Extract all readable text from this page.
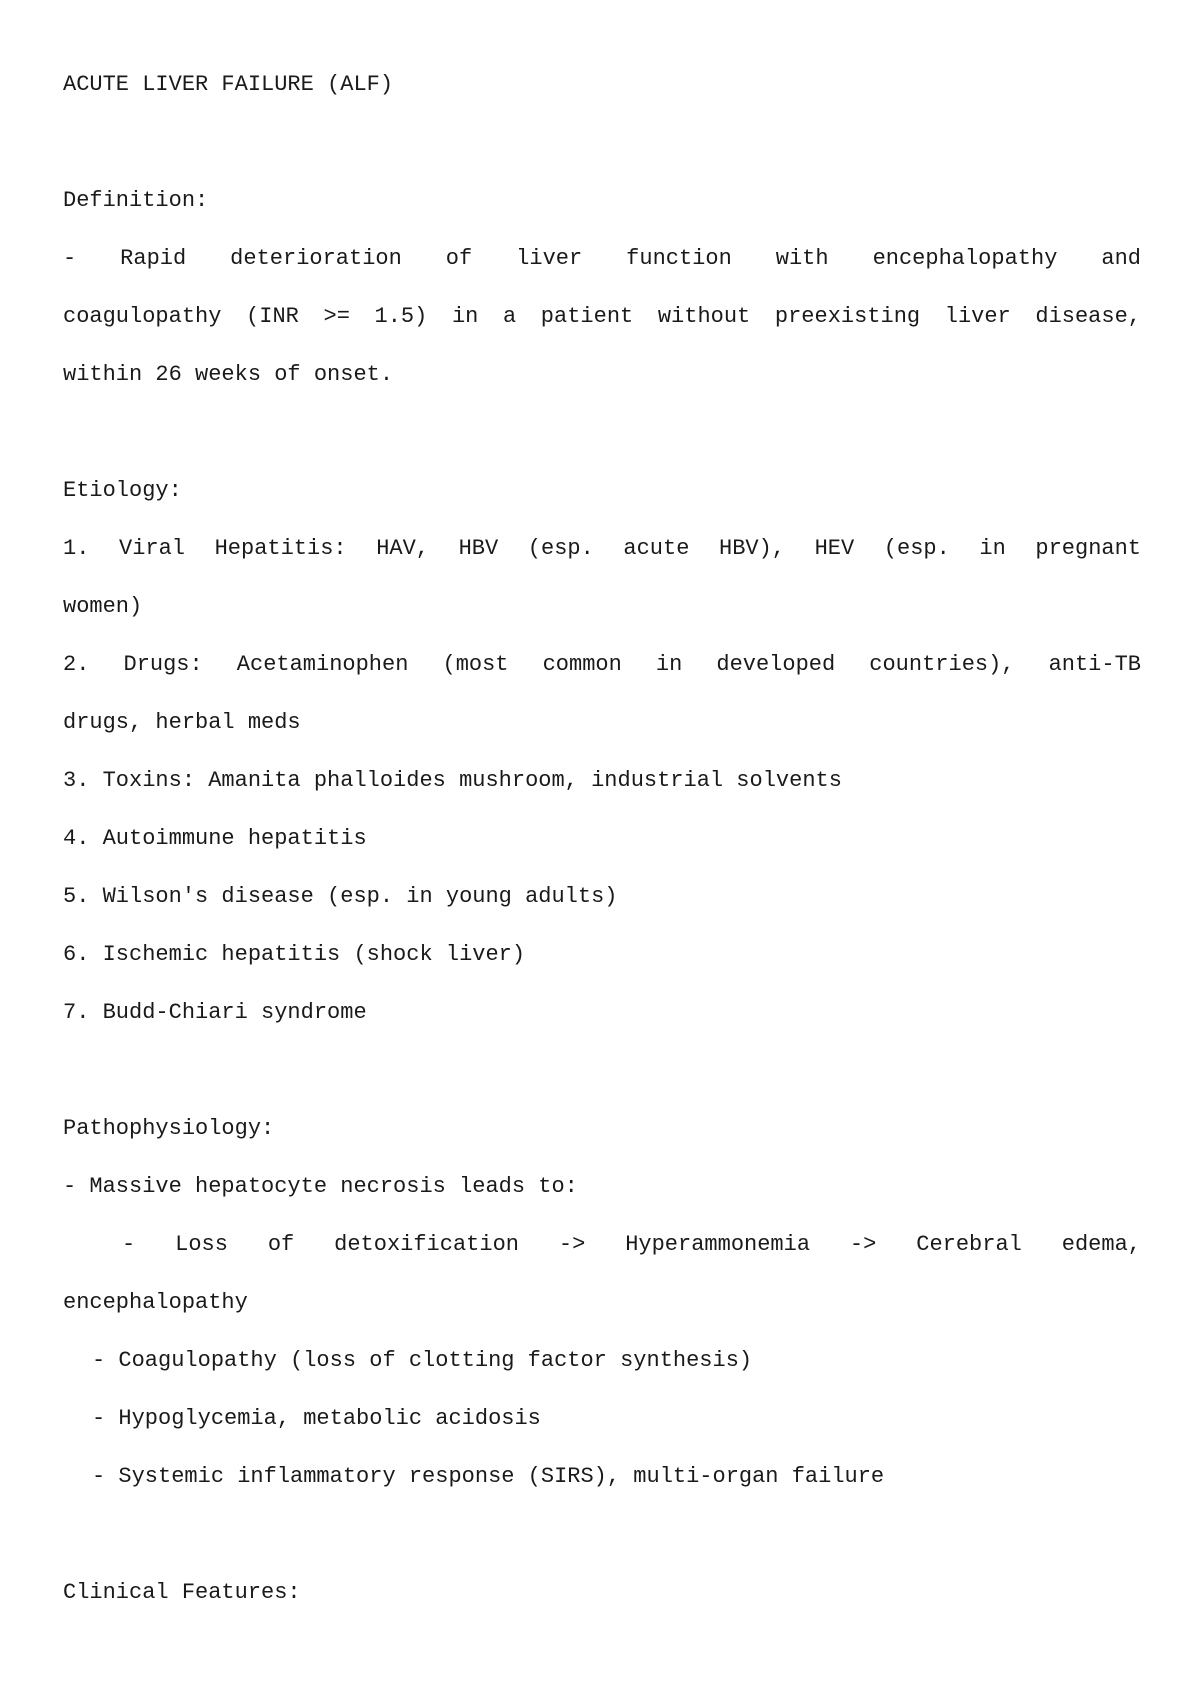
ACUTE LIVER FAILURE (ALF)
Definition:
- Rapid deterioration of liver function with encephalopathy and
coagulopathy (INR >= 1.5) in a patient without preexisting liver disease,
within 26 weeks of onset.
Etiology:
1. Viral Hepatitis: HAV, HBV (esp. acute HBV), HEV (esp. in pregnant
women)
2. Drugs: Acetaminophen (most common in developed countries), anti-TB
drugs, herbal meds
3. Toxins: Amanita phalloides mushroom, industrial solvents
4. Autoimmune hepatitis
5. Wilson's disease (esp. in young adults)
6. Ischemic hepatitis (shock liver)
7. Budd-Chiari syndrome
Pathophysiology:
- Massive hepatocyte necrosis leads to:
- Loss of detoxification -> Hyperammonemia -> Cerebral edema,
encephalopathy
- Coagulopathy (loss of clotting factor synthesis)
- Hypoglycemia, metabolic acidosis
- Systemic inflammatory response (SIRS), multi-organ failure
Clinical Features:
